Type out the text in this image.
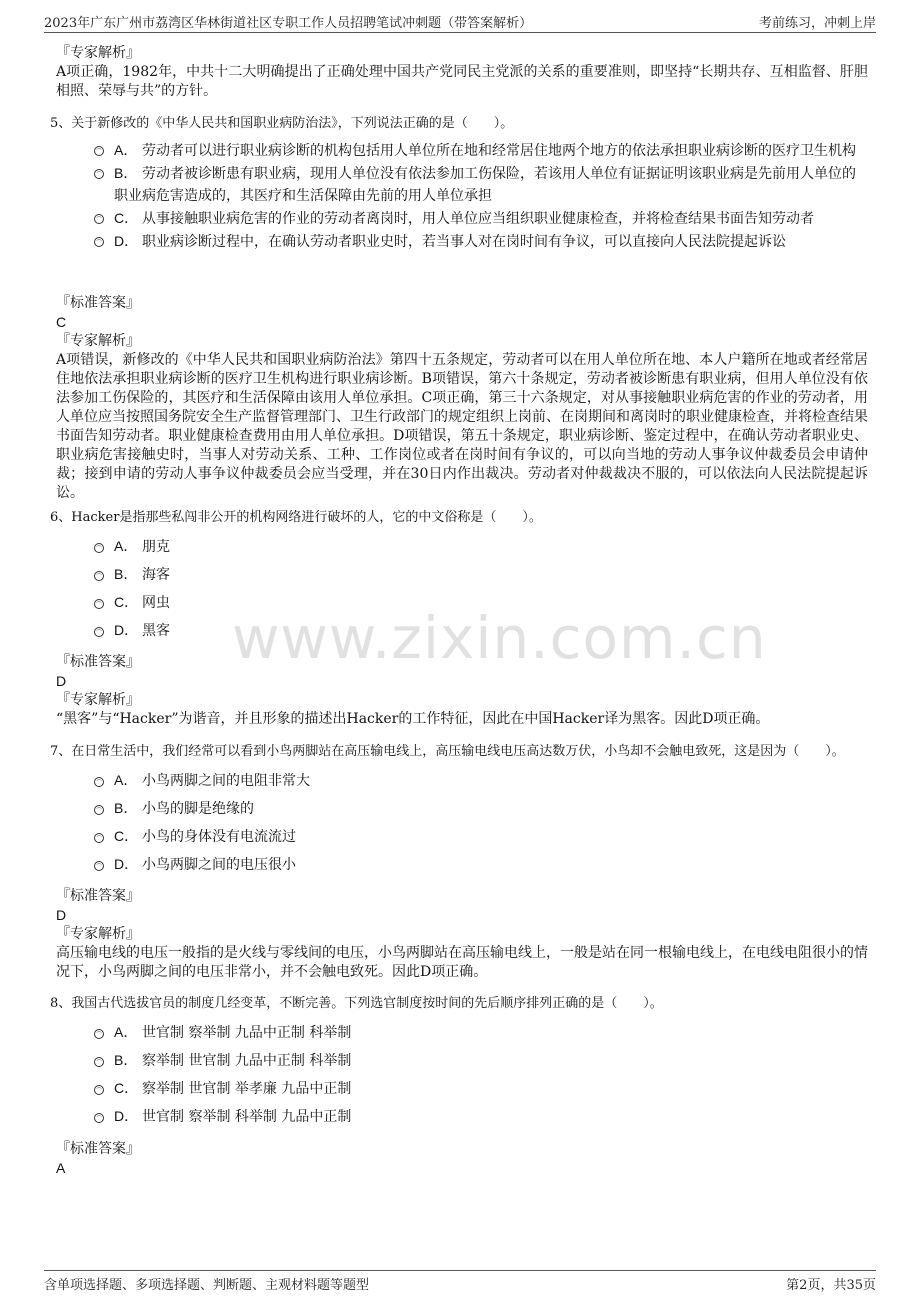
2023年广东广州市荔湾区华林街道社区专职工作人员招聘笔试冲刺题（带答案解析）	考前练习，冲刺上岸
www.zixin.com.cn

『专家解析』

A项正确，1982年，中共十二大明确提出了正确处理中国共产党同民主党派的关系的重要准则，即坚持“长期共存、互相监督、肝胆相照、荣辱与共”的方针。

5、关于新修改的《中华人民共和国职业病防治法》，下列说法正确的是（　　）。

A． 劳动者可以进行职业病诊断的机构包括用人单位所在地和经常居住地两个地方的依法承担职业病诊断的医疗卫生机构

B． 劳动者被诊断患有职业病，现用人单位没有依法参加工伤保险，若该用人单位有证据证明该职业病是先前用人单位的职业病危害造成的，其医疗和生活保障由先前的用人单位承担

C． 从事接触职业病危害的作业的劳动者离岗时，用人单位应当组织职业健康检查，并将检查结果书面告知劳动者

D． 职业病诊断过程中，在确认劳动者职业史时，若当事人对在岗时间有争议，可以直接向人民法院提起诉讼

『标准答案』

C

『专家解析』

A项错误，新修改的《中华人民共和国职业病防治法》第四十五条规定，劳动者可以在用人单位所在地、本人户籍所在地或者经常居住地依法承担职业病诊断的医疗卫生机构进行职业病诊断。B项错误，第六十条规定，劳动者被诊断患有职业病，但用人单位没有依法参加工伤保险的，其医疗和生活保障由该用人单位承担。C项正确，第三十六条规定，对从事接触职业病危害的作业的劳动者，用人单位应当按照国务院安全生产监督管理部门、卫生行政部门的规定组织上岗前、在岗期间和离岗时的职业健康检查，并将检查结果书面告知劳动者。职业健康检查费用由用人单位承担。D项错误，第五十条规定，职业病诊断、鉴定过程中，在确认劳动者职业史、职业病危害接触史时，当事人对劳动关系、工种、工作岗位或者在岗时间有争议的，可以向当地的劳动人事争议仲裁委员会申请仲裁；接到申请的劳动人事争议仲裁委员会应当受理，并在30日内作出裁决。劳动者对仲裁裁决不服的，可以依法向人民法院提起诉讼。

6、Hacker是指那些私闯非公开的机构网络进行破坏的人，它的中文俗称是（　　）。

A． 朋克

B． 海客

C． 网虫

D． 黑客

『标准答案』

D

『专家解析』

“黑客”与“Hacker”为谐音，并且形象的描述出Hacker的工作特征，因此在中国Hacker译为黑客。因此D项正确。

7、在日常生活中，我们经常可以看到小鸟两脚站在高压输电线上，高压输电线电压高达数万伏，小鸟却不会触电致死，这是因为（　　）。

A． 小鸟两脚之间的电阻非常大

B． 小鸟的脚是绝缘的

C． 小鸟的身体没有电流流过

D． 小鸟两脚之间的电压很小

『标准答案』

D

『专家解析』

高压输电线的电压一般指的是火线与零线间的电压，小鸟两脚站在高压输电线上，一般是站在同一根输电线上，在电线电阻很小的情况下，小鸟两脚之间的电压非常小，并不会触电致死。因此D项正确。

8、我国古代选拔官员的制度几经变革，不断完善。下列选官制度按时间的先后顺序排列正确的是（　　）。

A． 世官制 察举制 九品中正制 科举制

B． 察举制 世官制 九品中正制 科举制

C． 察举制 世官制 举孝廉 九品中正制

D． 世官制 察举制 科举制 九品中正制

『标准答案』

A

含单项选择题、多项选择题、判断题、主观材料题等题型	第2页，共35页
